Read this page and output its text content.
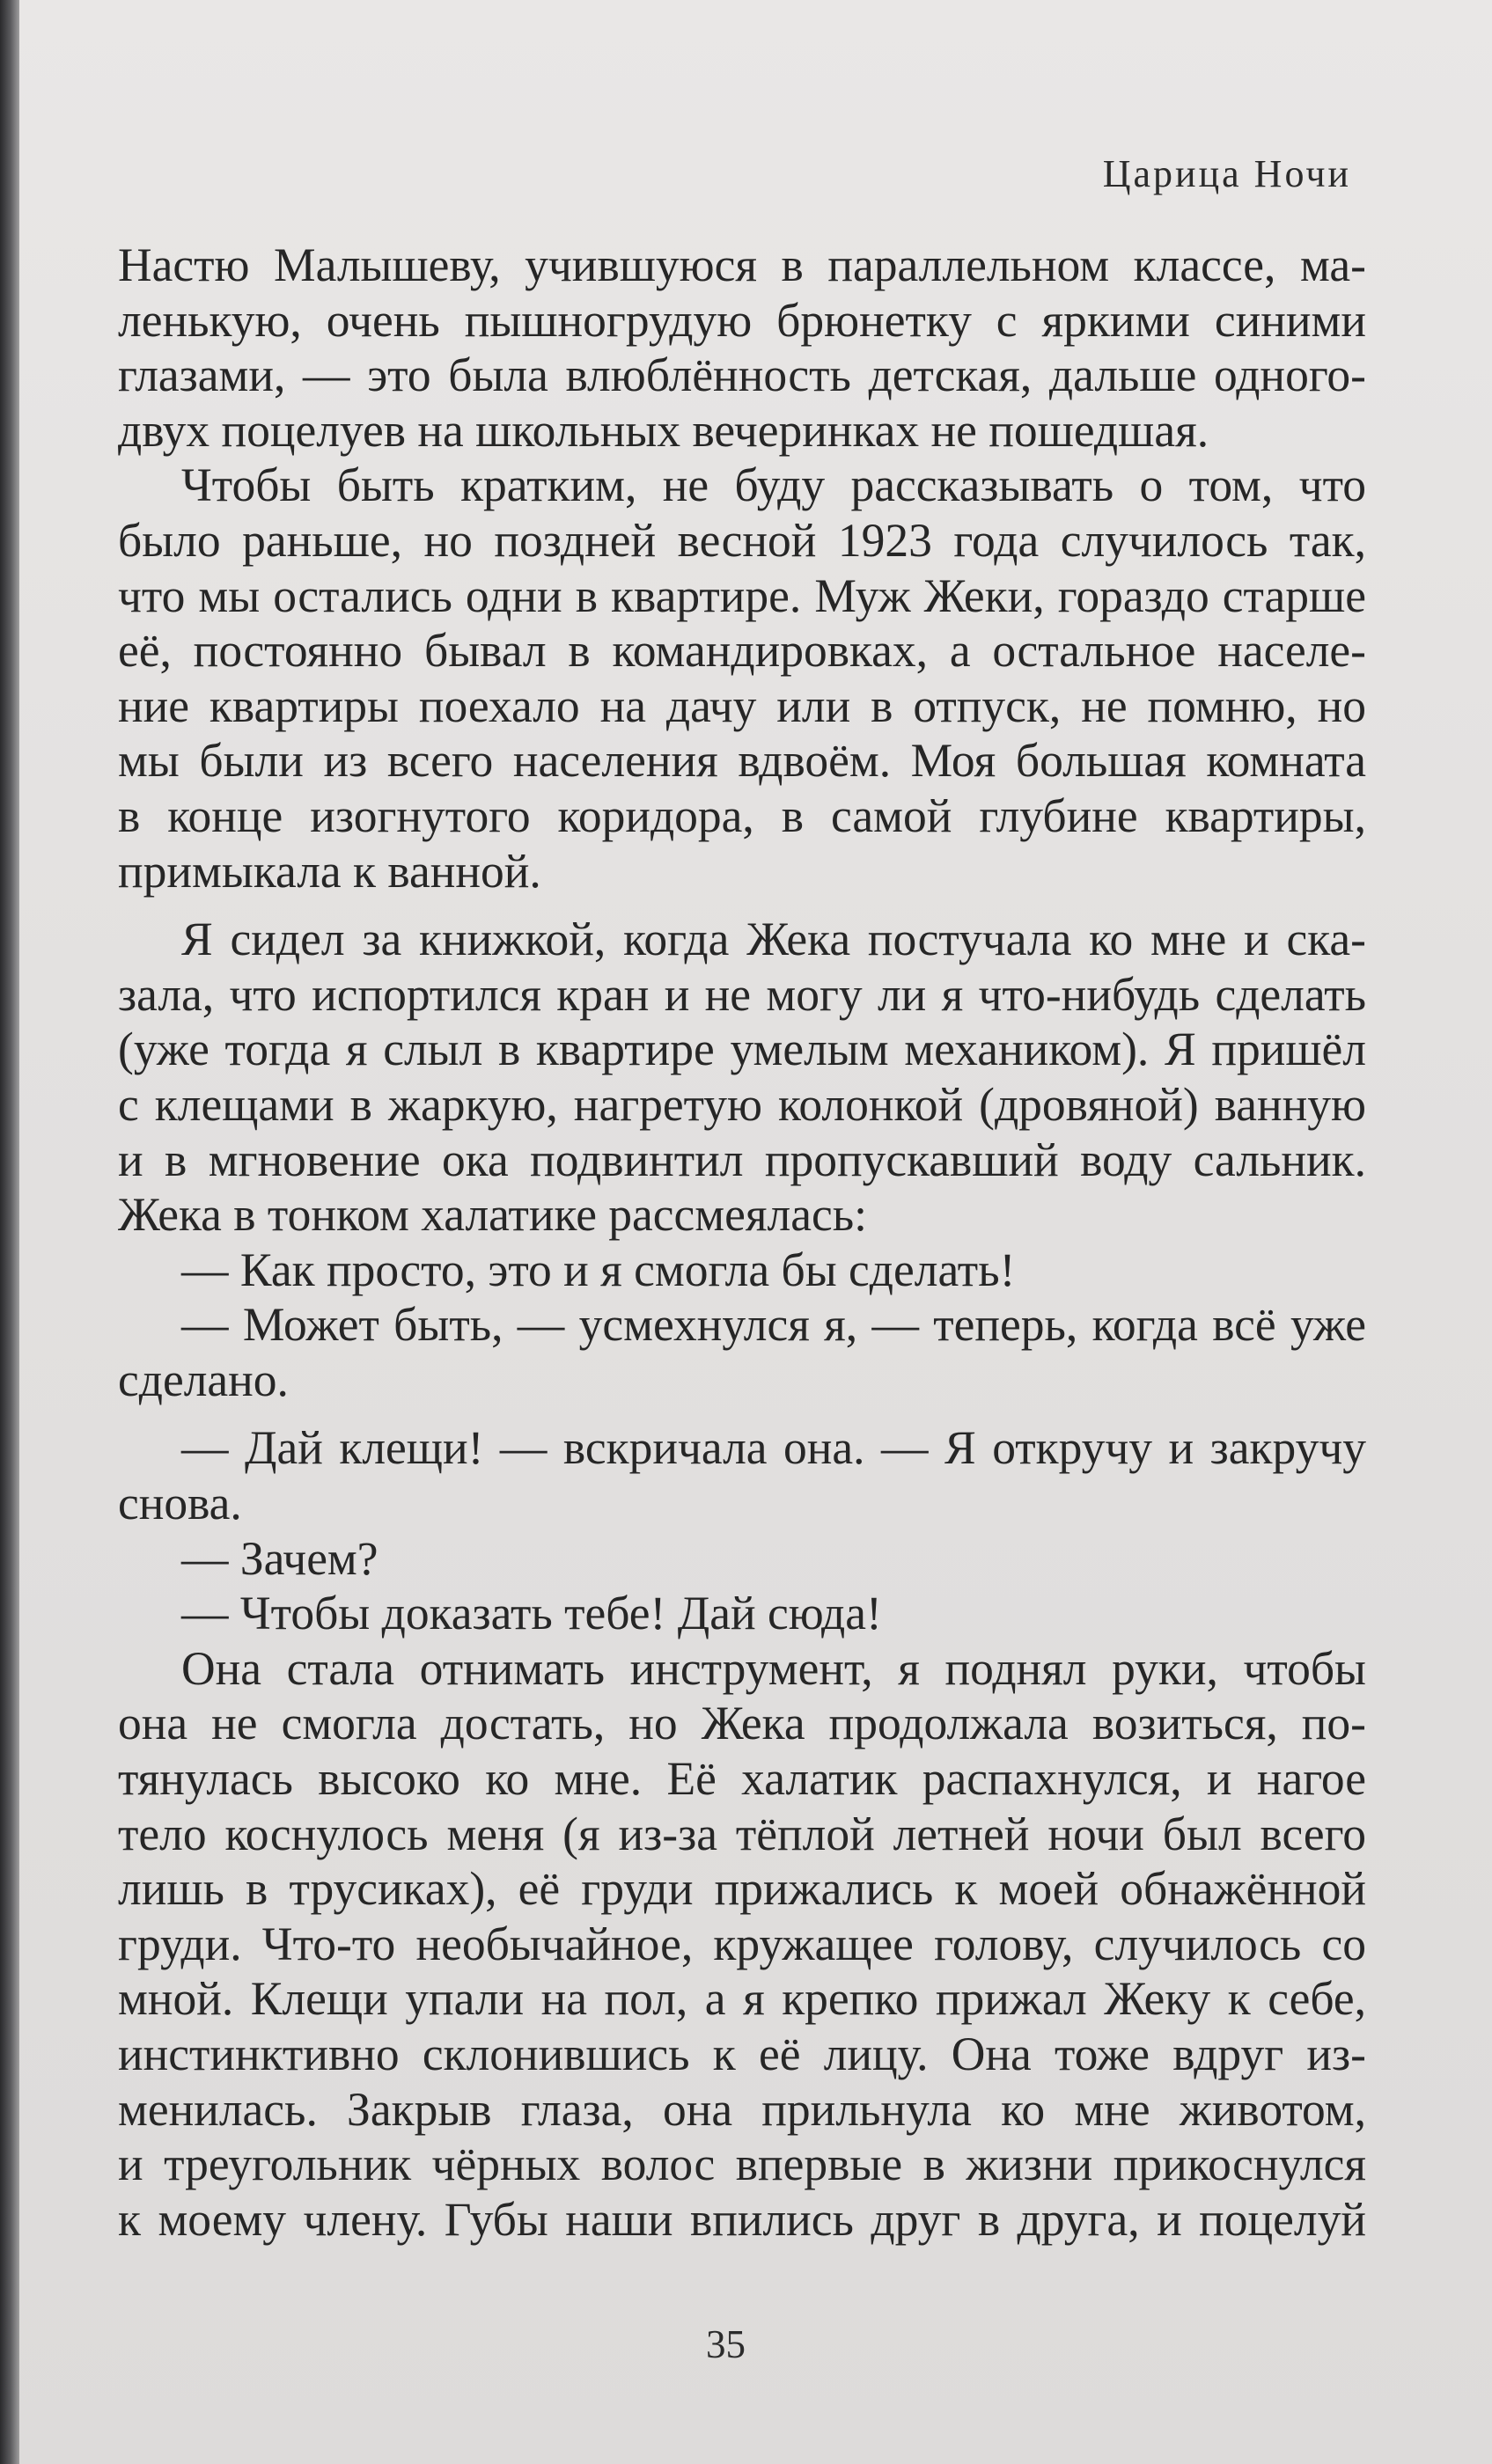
Царица Ночи
Настю Малышеву, учившуюся в параллельном классе, ма-
ленькую, очень пышногрудую брюнетку с яркими синими
глазами, — это была влюблённость детская, дальше одного-
двух поцелуев на школьных вечеринках не пошедшая.
Чтобы быть кратким, не буду рассказывать о том, что
было раньше, но поздней весной 1923 года случилось так,
что мы остались одни в квартире. Муж Жеки, гораздо старше
её, постоянно бывал в командировках, а остальное населе-
ние квартиры поехало на дачу или в отпуск, не помню, но
мы были из всего населения вдвоём. Моя большая комната
в конце изогнутого коридора, в самой глубине квартиры,
примыкала к ванной.
Я сидел за книжкой, когда Жека постучала ко мне и ска-
зала, что испортился кран и не могу ли я что-нибудь сделать
(уже тогда я слыл в квартире умелым механиком). Я пришёл
с клещами в жаркую, нагретую колонкой (дровяной) ванную
и в мгновение ока подвинтил пропускавший воду сальник.
Жека в тонком халатике рассмеялась:
— Как просто, это и я смогла бы сделать!
— Может быть, — усмехнулся я, — теперь, когда всё уже
сделано.
— Дай клещи! — вскричала она. — Я откручу и закручу
снова.
— Зачем?
— Чтобы доказать тебе! Дай сюда!
Она стала отнимать инструмент, я поднял руки, чтобы
она не смогла достать, но Жека продолжала возиться, по-
тянулась высоко ко мне. Её халатик распахнулся, и нагое
тело коснулось меня (я из-за тёплой летней ночи был всего
лишь в трусиках), её груди прижались к моей обнажённой
груди. Что-то необычайное, кружащее голову, случилось со
мной. Клещи упали на пол, а я крепко прижал Жеку к себе,
инстинктивно склонившись к её лицу. Она тоже вдруг из-
менилась. Закрыв глаза, она прильнула ко мне животом,
и треугольник чёрных волос впервые в жизни прикоснулся
к моему члену. Губы наши впились друг в друга, и поцелуй
35
